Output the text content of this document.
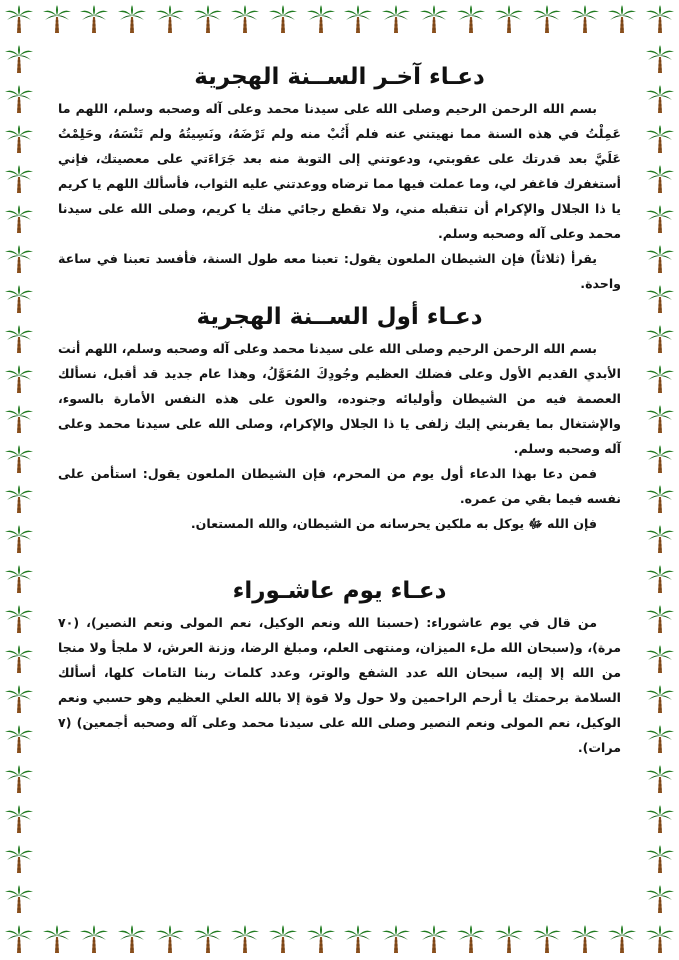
دعـاء آخـر الســنة الهجرية

بسم الله الرحمن الرحيم وصلى الله على سيدنا محمد وعلى آله وصحبه وسلم، اللهم ما عَمِلْتُ في هذه السنة مما نهيتني عنه فلم أَتُبْ منه ولم تَرْضَهُ، ونَسِيتُهُ ولم تَنْسَهُ، وحَلِمْتُ عَلَيَّ بعد قدرتك على عقوبتي، ودعوتني إلى التوبة منه بعد جَرَاءَتي على معصيتك، فإني أستغفرك فاغفر لي، وما عملت فيها مما ترضاه ووعدتني عليه الثواب، فأسألك اللهم يا كريم يا ذا الجلال والإكرام أن تتقبله مني، ولا تقطع رجائي منك يا كريم، وصلى الله على سيدنا محمد وعلى آله وصحبه وسلم.

يقرأ (ثلاثاً) فإن الشيطان الملعون يقول: تعبنا معه طول السنة، فأفسد تعبنا في ساعة واحدة.

دعـاء أول الســنة الهجرية

بسم الله الرحمن الرحيم وصلى الله على سيدنا محمد وعلى آله وصحبه وسلم، اللهم أنت الأبدي القديم الأول وعلى فضلك العظيم وجُودِكَ المُعَوَّلُ، وهذا عام جديد قد أقبل، نسألك العصمة فيه من الشيطان وأوليائه وجنوده، والعون على هذه النفس الأمارة بالسوء، والإشتغال بما يقربني إليك زلفى يا ذا الجلال والإكرام، وصلى الله على سيدنا محمد وعلى آله وصحبه وسلم.

فمن دعا بهذا الدعاء أول يوم من المحرم، فإن الشيطان الملعون يقول: استأمن على نفسه فيما بقي من عمره.

فإن الله ﷻ يوكل به ملكين يحرسانه من الشيطان، والله المستعان.

دعـاء يوم عاشـوراء

من قال في يوم عاشوراء: (حسبنا الله ونعم الوكيل، نعم المولى ونعم النصير)، (٧٠ مرة)، و(سبحان الله ملء الميزان، ومنتهى العلم، ومبلغ الرضا، وزنة العرش، لا ملجأ ولا منجا من الله إلا إليه، سبحان الله عدد الشفع والوتر، وعدد كلمات ربنا التامات كلها، أسألك السلامة برحمتك يا أرحم الراحمين ولا حول ولا قوة إلا بالله العلي العظيم وهو حسبي ونعم الوكيل، نعم المولى ونعم النصير وصلى الله على سيدنا محمد وعلى آله وصحبه أجمعين) (٧ مرات).
